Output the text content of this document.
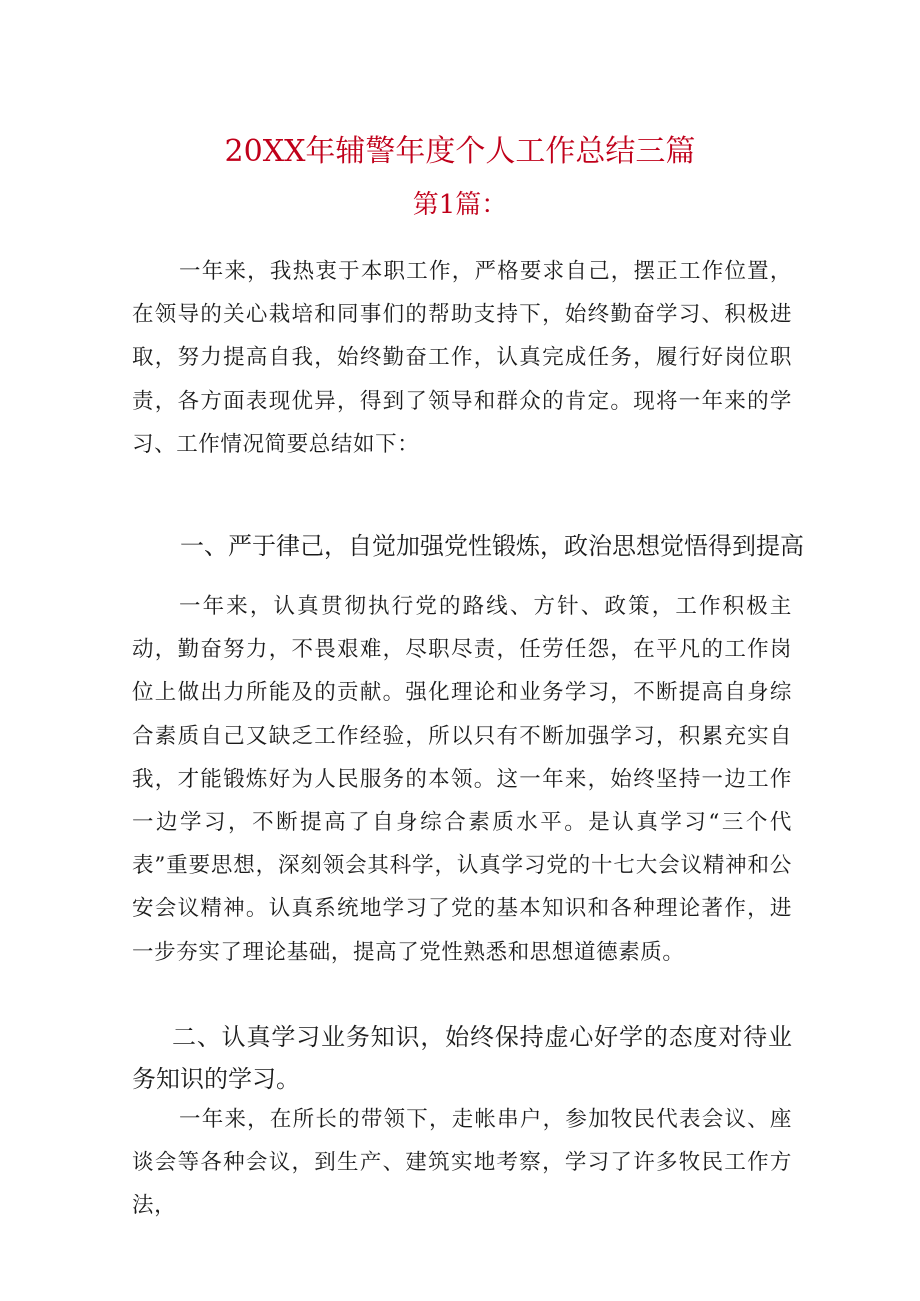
20XX年辅警年度个人工作总结三篇
第1篇：

一年来，我热衷于本职工作，严格要求自己，摆正工作位置，在领导的关心栽培和同事们的帮助支持下，始终勤奋学习、积极进取，努力提高自我，始终勤奋工作，认真完成任务，履行好岗位职责，各方面表现优异，得到了领导和群众的肯定。现将一年来的学习、工作情况简要总结如下：

一、严于律己，自觉加强党性锻炼，政治思想觉悟得到提高

一年来，认真贯彻执行党的路线、方针、政策，工作积极主动，勤奋努力，不畏艰难，尽职尽责，任劳任怨，在平凡的工作岗位上做出力所能及的贡献。强化理论和业务学习，不断提高自身综合素质自己又缺乏工作经验，所以只有不断加强学习，积累充实自我，才能锻炼好为人民服务的本领。这一年来，始终坚持一边工作一边学习，不断提高了自身综合素质水平。是认真学习“三个代表”重要思想，深刻领会其科学，认真学习党的十七大会议精神和公安会议精神。认真系统地学习了党的基本知识和各种理论著作，进一步夯实了理论基础，提高了党性熟悉和思想道德素质。

二、认真学习业务知识，始终保持虚心好学的态度对待业务知识的学习。

一年来，在所长的带领下，走帐串户，参加牧民代表会议、座谈会等各种会议，到生产、建筑实地考察，学习了许多牧民工作方法，
